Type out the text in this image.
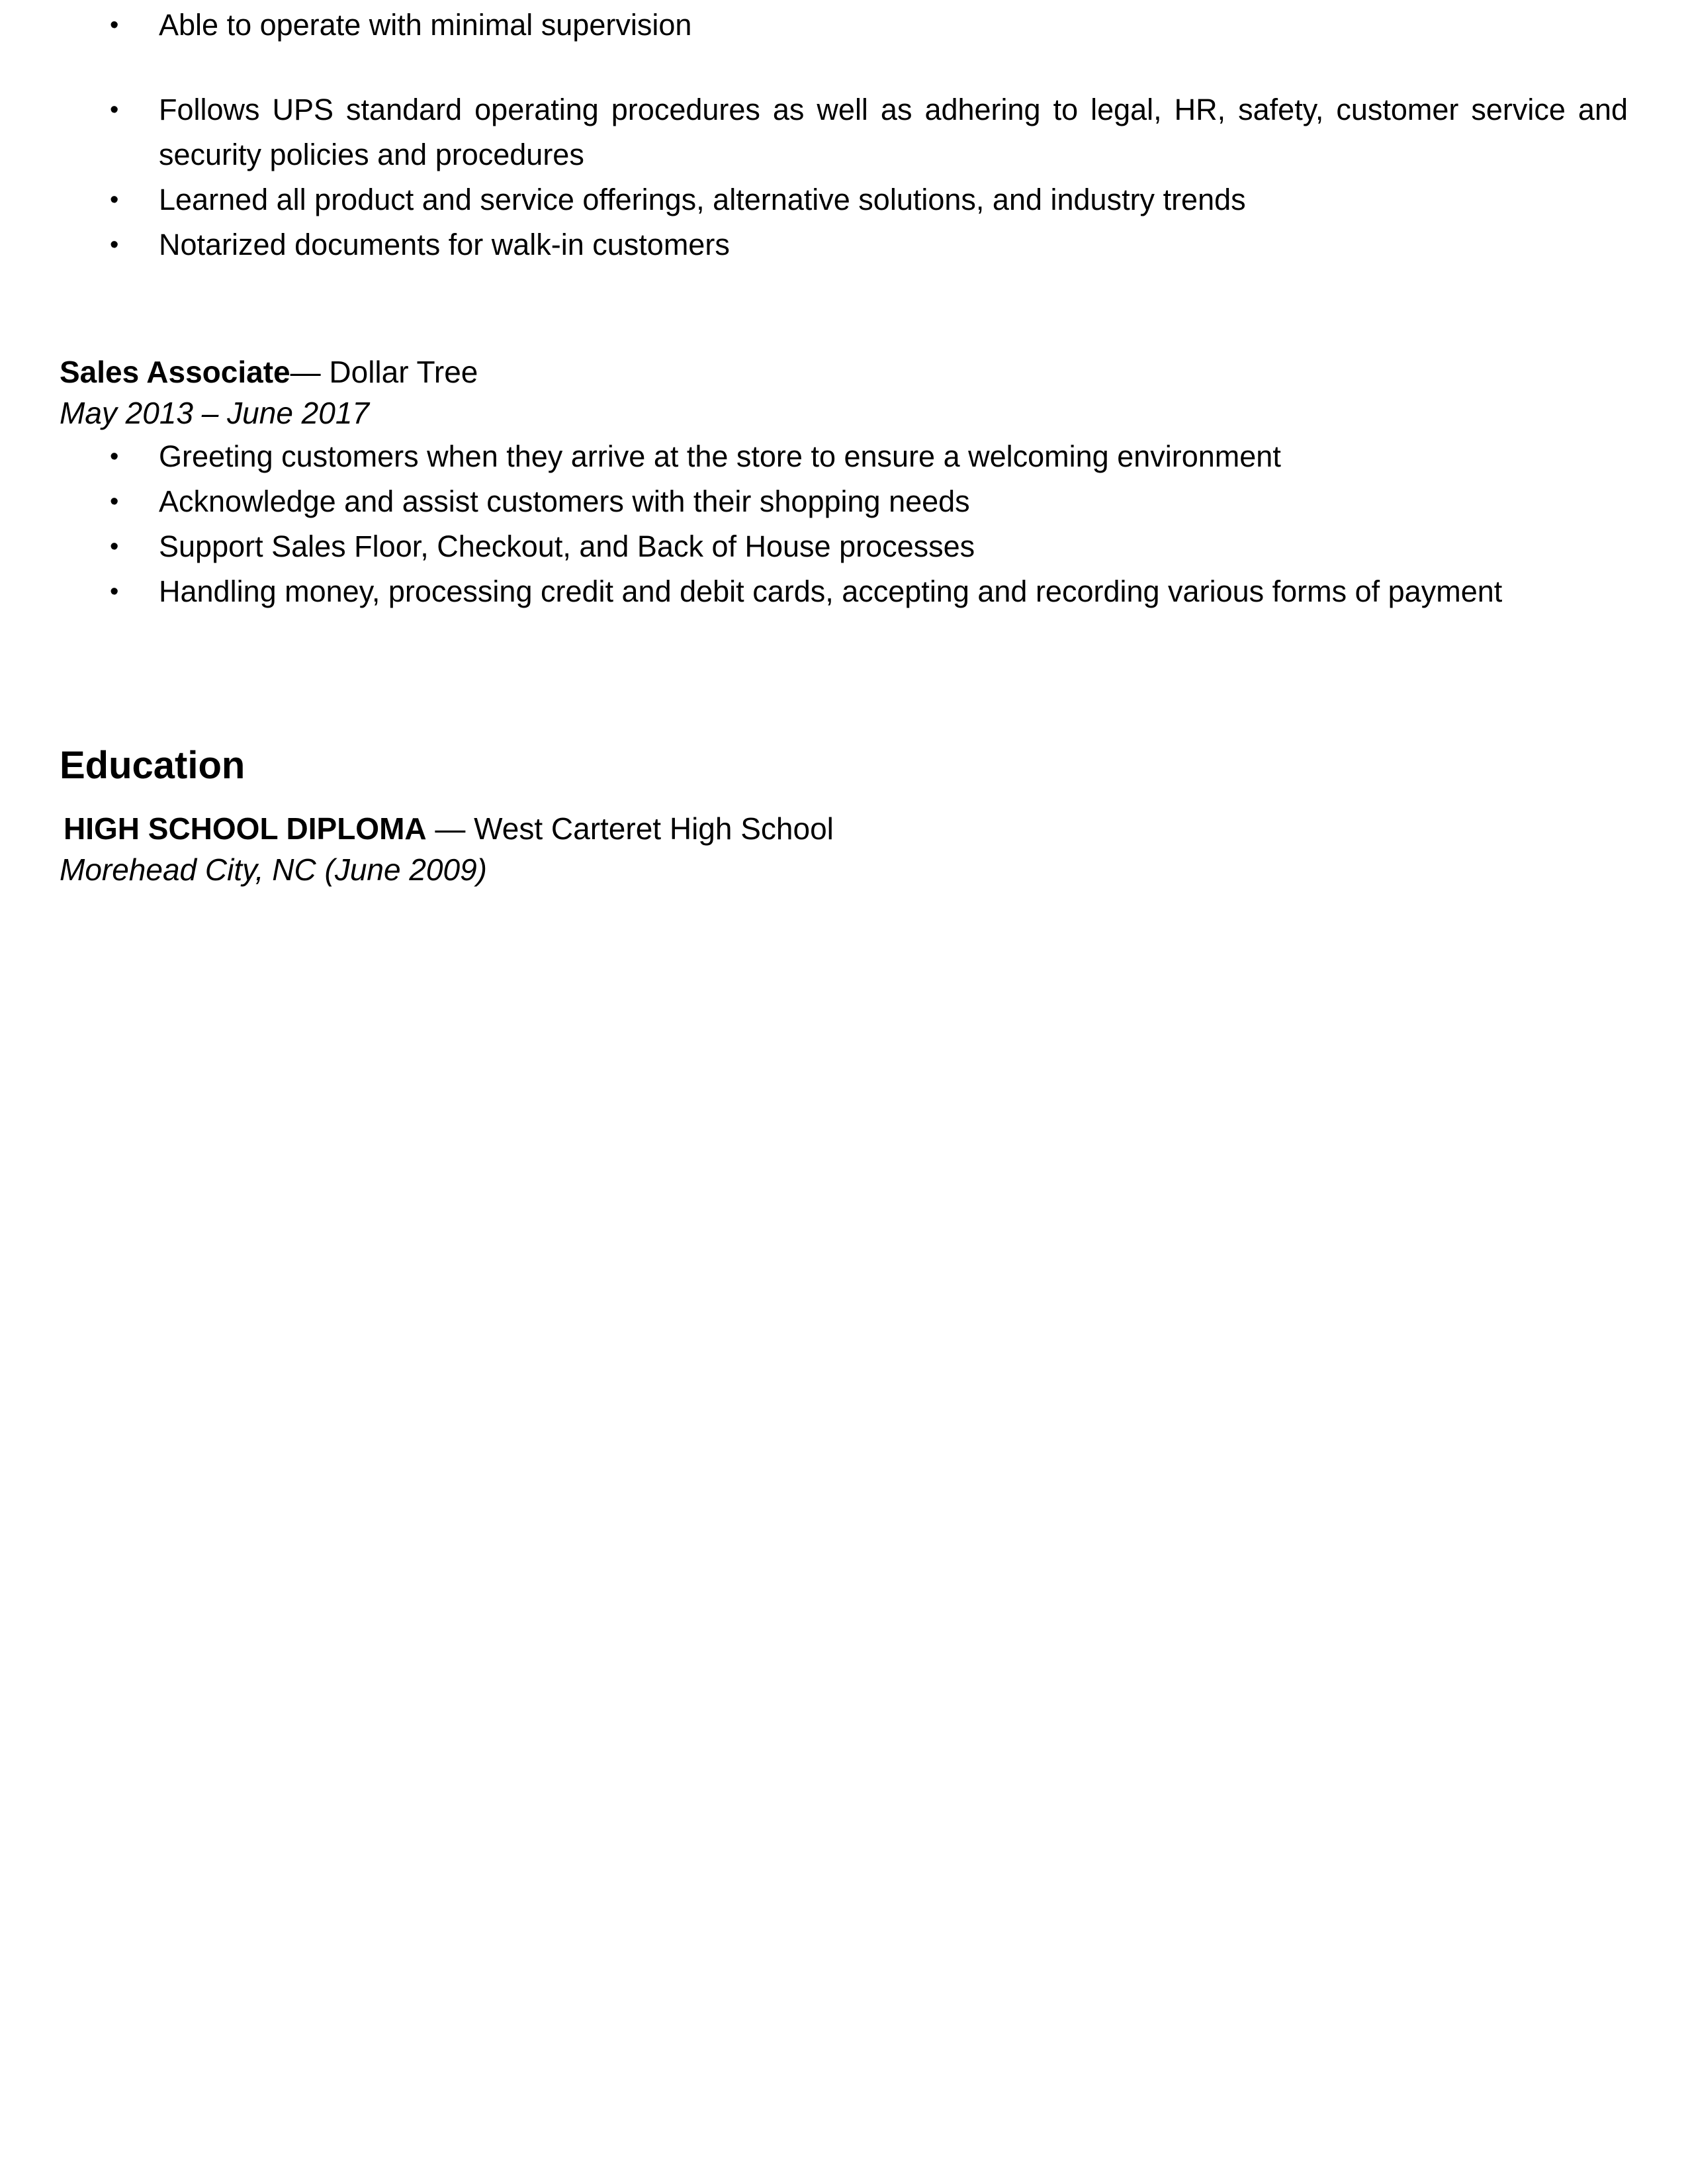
•	Able to operate with minimal supervision
•	Follows UPS standard operating procedures as well as adhering to legal, HR, safety, customer service and security policies and procedures
•	Learned all product and service offerings, alternative solutions, and industry trends
•	Notarized documents for walk-in customers
Sales Associate— Dollar Tree
May 2013 – June 2017
•	Greeting customers when they arrive at the store to ensure a welcoming environment
•	Acknowledge and assist customers with their shopping needs
•	Support Sales Floor, Checkout, and Back of House processes
•	Handling money, processing credit and debit cards, accepting and recording various forms of payment
Education
HIGH SCHOOL DIPLOMA — West Carteret High School
Morehead City, NC (June 2009)
